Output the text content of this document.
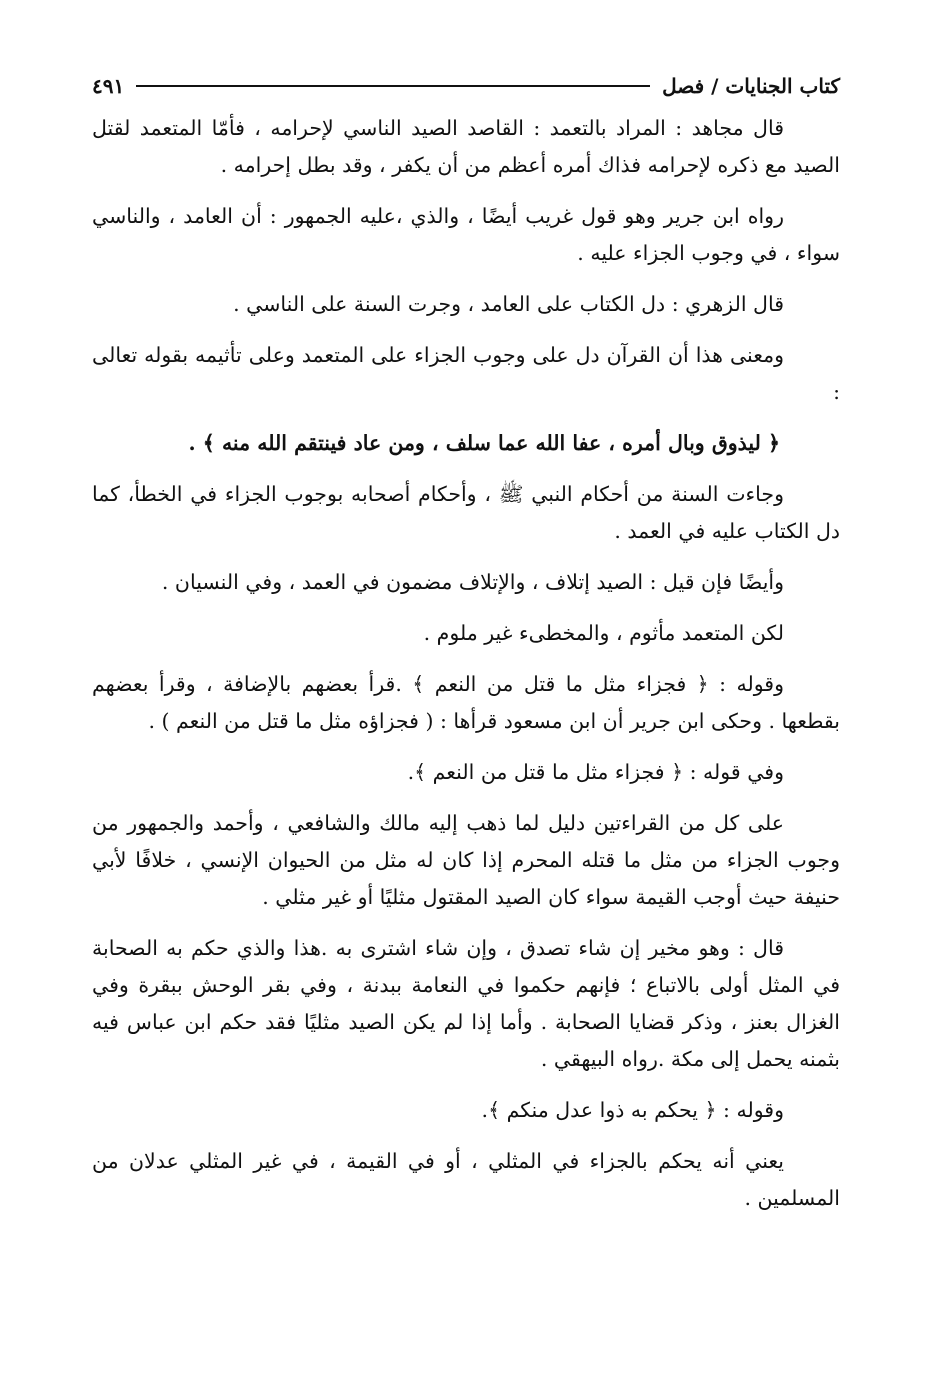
كتاب الجنايات / فصل
٤٩١

قال مجاهد : المراد بالتعمد : القاصد الصيد الناسي لإحرامه ، فأمّا المتعمد لقتل الصيد مع ذكره لإحرامه فذاك أمره أعظم من أن يكفر ، وقد بطل إحرامه .

رواه ابن جرير وهو قول غريب أيضًا ، والذي ،عليه الجمهور : أن العامد ، والناسي سواء ، في وجوب الجزاء عليه .

قال الزهري : دل الكتاب على العامد ، وجرت السنة على الناسي .

ومعنى هذا أن القرآن دل على وجوب الجزاء على المتعمد وعلى تأثيمه بقوله تعالى :

﴿ ليذوق وبال أمره ، عفا الله عما سلف ، ومن عاد فينتقم الله منه ﴾ .

وجاءت السنة من أحكام النبي ﷺ ، وأحكام أصحابه بوجوب الجزاء في الخطأ، كما دل الكتاب عليه في العمد .

وأيضًا فإن قيل : الصيد إتلاف ، والإتلاف مضمون في العمد ، وفي النسيان .

لكن المتعمد مأثوم ، والمخطىء غير ملوم .

وقوله : ﴿ فجزاء مثل ما قتل من النعم ﴾ .قرأ بعضهم بالإضافة ، وقرأ بعضهم بقطعها . وحكى ابن جرير أن ابن مسعود قرأها : ( فجزاؤه مثل ما قتل من النعم ) .

وفي قوله : ﴿ فجزاء مثل ما قتل من النعم ﴾.

على كل من القراءتين دليل لما ذهب إليه مالك والشافعي ، وأحمد والجمهور من وجوب الجزاء من مثل ما قتله المحرم إذا كان له مثل من الحيوان الإنسي ، خلافًا لأبي حنيفة حيث أوجب القيمة سواء كان الصيد المقتول مثليًا أو غير مثلي .

قال : وهو مخير إن شاء تصدق ، وإن شاء اشترى به .هذا والذي حكم به الصحابة في المثل أولى بالاتباع ؛ فإنهم حكموا في النعامة ببدنة ، وفي بقر الوحش ببقرة وفي الغزال بعنز ، وذكر قضايا الصحابة . وأما إذا لم يكن الصيد مثليًا فقد حكم ابن عباس فيه بثمنه يحمل إلى مكة .رواه البيهقي .

وقوله : ﴿ يحكم به ذوا عدل منكم ﴾.

يعني أنه يحكم بالجزاء في المثلي ، أو في القيمة ، في غير المثلي عدلان من المسلمين .
